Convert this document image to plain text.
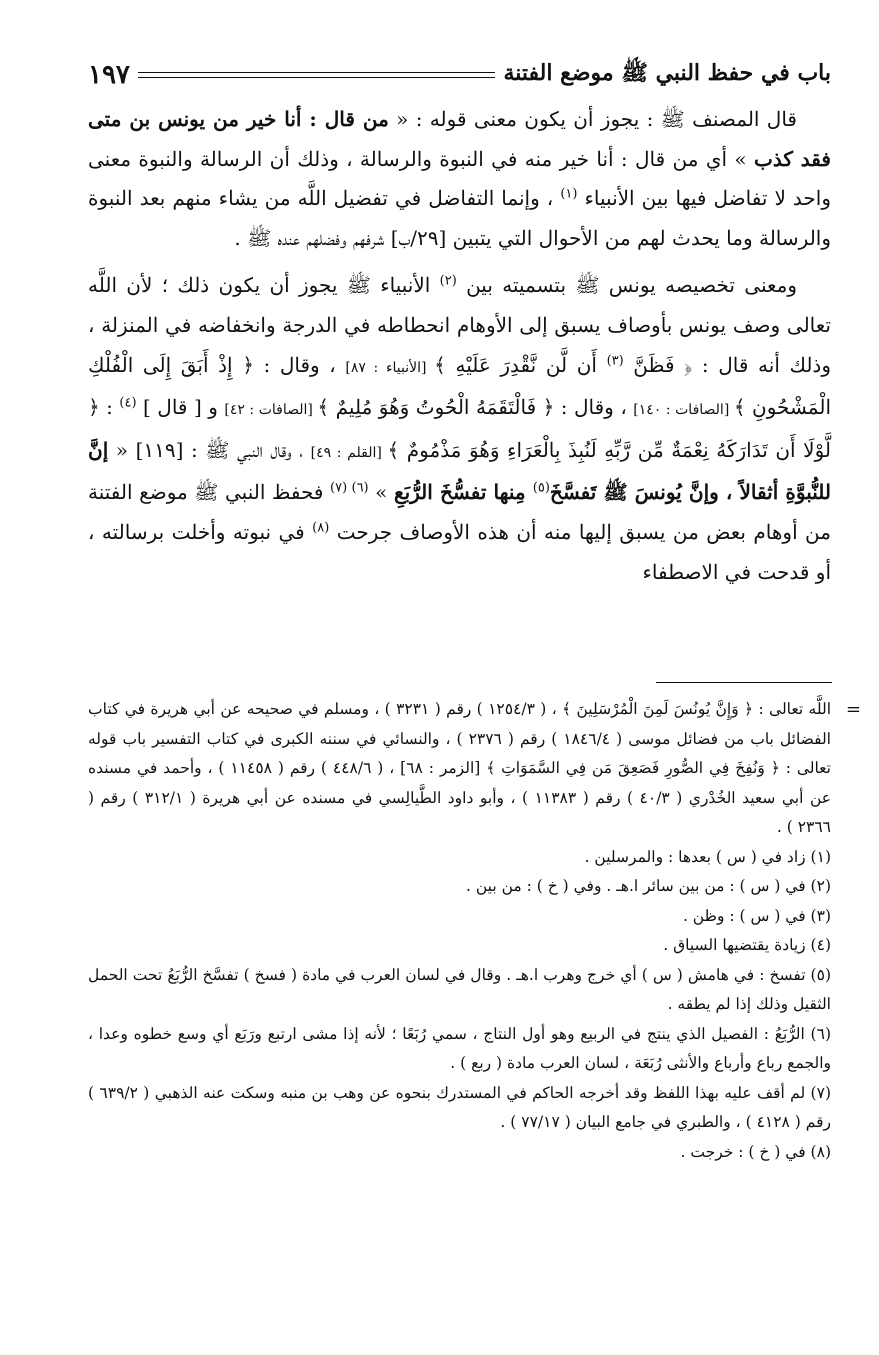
باب في حفظ النبي ﷺ موضع الفتنة
١٩٧

قال المصنف ﷺ : يجوز أن يكون معنى قوله : « من قال : أنا خير من يونس بن متى فقد كذب » أي من قال : أنا خير منه في النبوة والرسالة ، وذلك أن الرسالة والنبوة معنى واحد لا تفاضل فيها بين الأنبياء $^{(١)}$ ، وإنما التفاضل في تفضيل اللَّه من يشاء منهم بعد النبوة والرسالة وما يحدث لهم من الأحوال التي يتبين [٢٩/ب] شرفهم وفضلهم عنده ﷺ .

ومعنى تخصيصه يونس ﷺ بتسميته بين $^{(٢)}$ الأنبياء ﷺ يجوز أن يكون ذلك ؛ لأن اللَّه تعالى وصف يونس بأوصاف يسبق إلى الأوهام انحطاطه في الدرجة وانخفاضه في المنزلة ، وذلك أنه قال : ﴿ فَظَنَّ $^{(٣)}$ أَن لَّن نَّقْدِرَ عَلَيْهِ ﴾ [الأنبياء : ٨٧] ، وقال : ﴿ إِذْ أَبَقَ إِلَى الْفُلْكِ الْمَشْحُونِ ﴾ [الصافات : ١٤٠] ، وقال : ﴿ فَالْتَقَمَهُ الْحُوتُ وَهُوَ مُلِيمٌ ﴾ [الصافات : ٤٢] و [ قال ] $^{(٤)}$ : ﴿ لَّوْلَا أَن تَدَارَكَهُ نِعْمَةٌ مِّن رَّبِّهِ لَنُبِذَ بِالْعَرَاءِ وَهُوَ مَذْمُومٌ ﴾ [القلم : ٤٩] ، وقال النبي ﷺ : [١١٩] « إنَّ للنُّبوَّةِ أثقالاً ، وإنَّ يُونسَ ﷺ تَفسَّخَ$^{(٥)}$ مِنها تفسُّخَ الرُّبَعِ » $^{(٦)}$ $^{(٧)}$ فحفظ النبي ﷺ موضع الفتنة من أوهام بعض من يسبق إليها منه أن هذه الأوصاف جرحت $^{(٨)}$ في نبوته وأخلت برسالته ، أو قدحت في الاصطفاء

=

اللَّه تعالى : ﴿ وَإِنَّ يُونُسَ لَمِنَ الْمُرْسَلِينَ ﴾ ، ( ١٢٥٤/٣ ) رقم ( ٣٢٣١ ) ، ومسلم في صحيحه عن أبي هريرة في كتاب الفضائل باب من فضائل موسى ( ١٨٤٦/٤ ) رقم ( ٢٣٧٦ ) ، والنسائي في سننه الكبرى في كتاب التفسير باب قوله تعالى : ﴿ وَنُفِخَ فِي الصُّورِ فَصَعِقَ مَن فِي السَّمَوَاتِ ﴾ [الزمر : ٦٨] ، ( ٤٤٨/٦ ) رقم ( ١١٤٥٨ ) ، وأحمد في مسنده عن أبي سعيد الخُدْري ( ٤٠/٣ ) رقم ( ١١٣٨٣ ) ، وأبو داود الطَّيالِسي في مسنده عن أبي هريرة ( ٣١٢/١ ) رقم ( ٢٣٦٦ ) .

(١) زاد في ( س ) بعدها : والمرسلين .

(٢) في ( س ) : من بين سائر ا.هـ . وفي ( خ ) : من بين .

(٣) في ( س ) : وظن .

(٤) زيادة يقتضيها السياق .

(٥) تفسخ : في هامش ( س ) أي خرج وهرب ا.هـ . وقال في لسان العرب في مادة ( فسخ ) تفسَّخ الرُّبَعُ تحت الحمل الثقيل وذلك إذا لم يطقه .

(٦) الرُّبَعُ : الفصيل الذي ينتج في الربيع وهو أول النتاج ، سمي رُبَعًا ؛ لأنه إذا مشى ارتبع ورَبَع أي وسع خطوه وعدا ، والجمع رباع وأرباع والأنثى رُبَعَة ، لسان العرب مادة ( ربع ) .

(٧) لم أقف عليه بهذا اللفظ وقد أخرجه الحاكم في المستدرك بنحوه عن وهب بن منبه وسكت عنه الذهبي ( ٦٣٩/٢ ) رقم ( ٤١٢٨ ) ، والطبري في جامع البيان ( ٧٧/١٧ ) .

(٨) في ( خ ) : خرجت .
